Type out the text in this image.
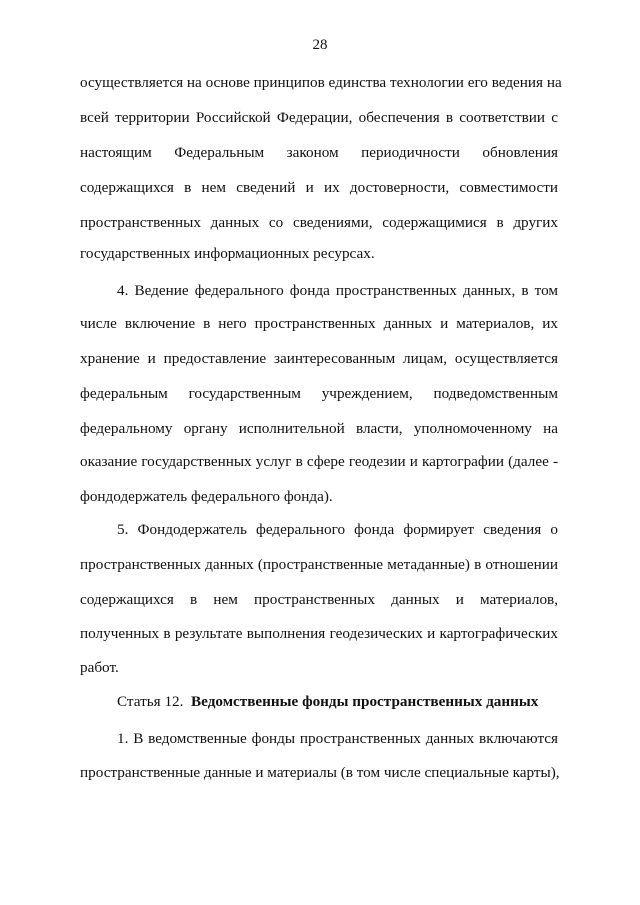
28
осуществляется на основе принципов единства технологии его ведения на
всей территории Российской Федерации, обеспечения в соответствии с
настоящим Федеральным законом периодичности обновления
содержащихся в нем сведений и их достоверности, совместимости
пространственных данных со сведениями, содержащимися в других
государственных информационных ресурсах.
4. Ведение федерального фонда пространственных данных, в том
числе включение в него пространственных данных и материалов, их
хранение и предоставление заинтересованным лицам, осуществляется
федеральным государственным учреждением, подведомственным
федеральному органу исполнительной власти, уполномоченному на
оказание государственных услуг в сфере геодезии и картографии (далее -
фондодержатель федерального фонда).
5. Фондодержатель федерального фонда формирует сведения о
пространственных данных (пространственные метаданные) в отношении
содержащихся в нем пространственных данных и материалов,
полученных в результате выполнения геодезических и картографических
работ.
Статья 12. Ведомственные фонды пространственных данных
1. В ведомственные фонды пространственных данных включаются
пространственные данные и материалы (в том числе специальные карты),
